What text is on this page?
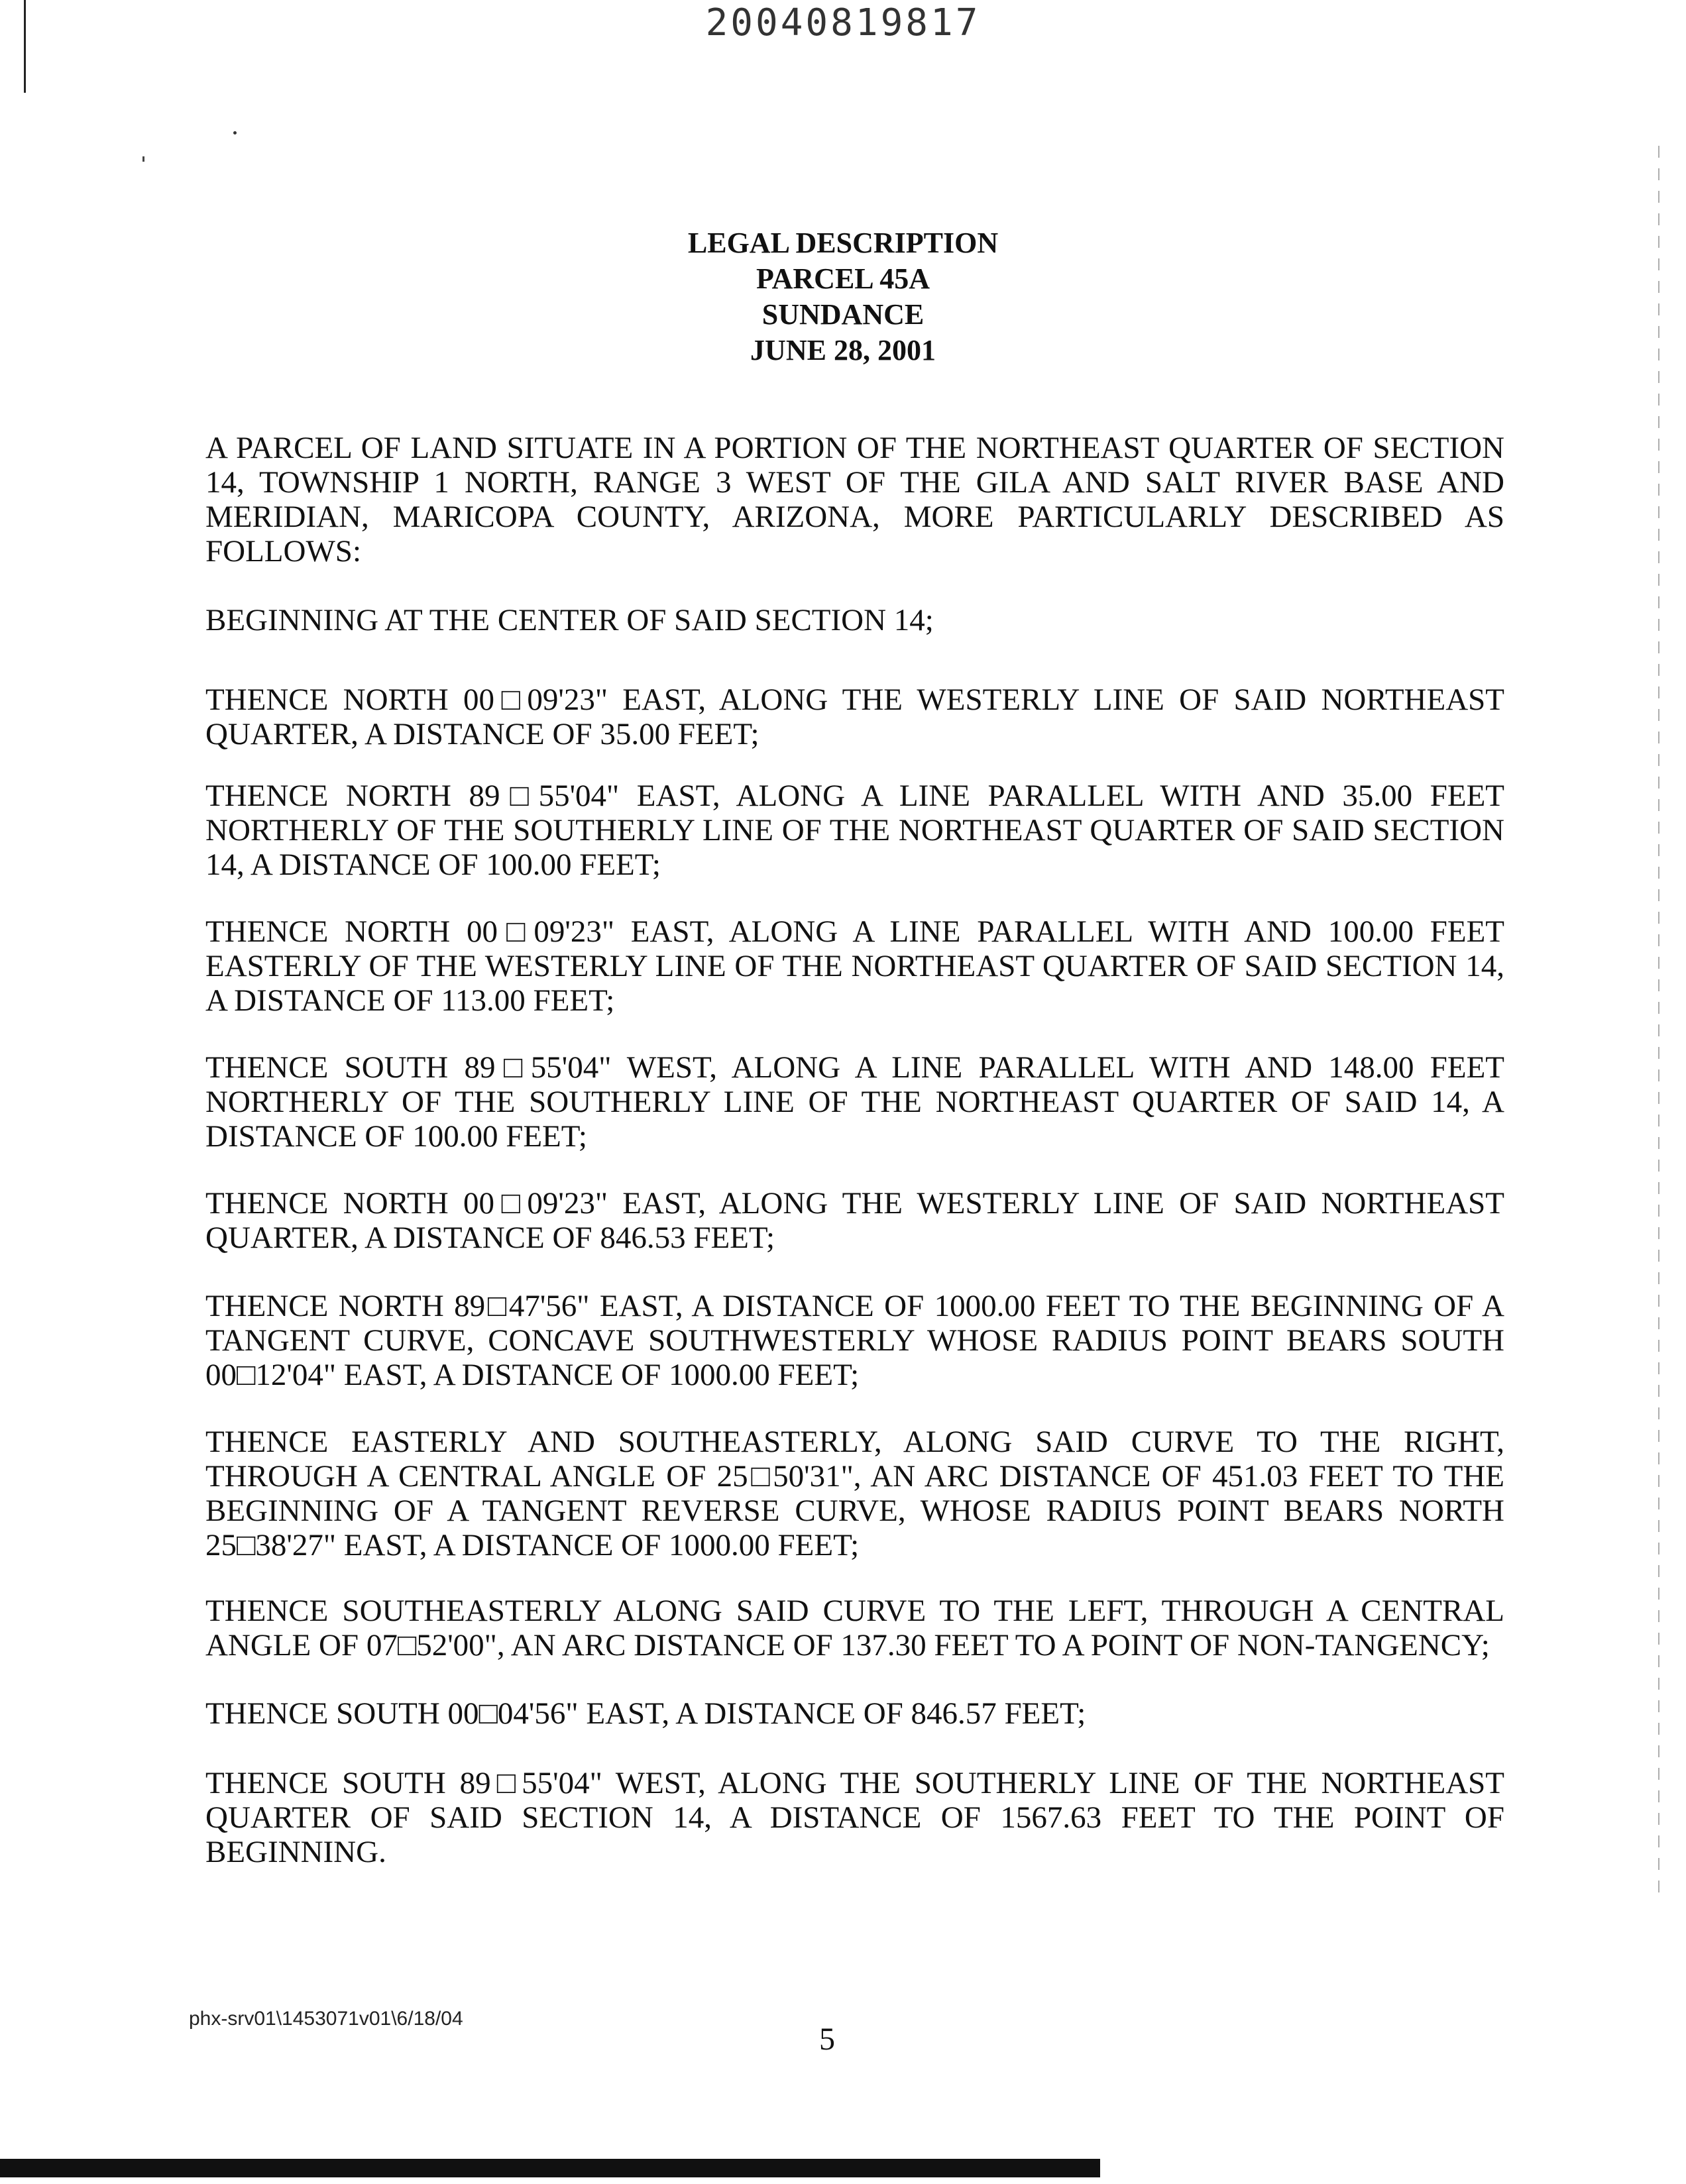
20040819817
LEGAL DESCRIPTION
PARCEL 45A
SUNDANCE
JUNE 28, 2001
A PARCEL OF LAND SITUATE IN A PORTION OF THE NORTHEAST QUARTER OF SECTION 14, TOWNSHIP 1 NORTH, RANGE 3 WEST OF THE GILA AND SALT RIVER BASE AND MERIDIAN, MARICOPA COUNTY, ARIZONA, MORE PARTICULARLY DESCRIBED AS FOLLOWS:
BEGINNING AT THE CENTER OF SAID SECTION 14;
THENCE NORTH 00□09'23" EAST, ALONG THE WESTERLY LINE OF SAID NORTHEAST QUARTER, A DISTANCE OF 35.00 FEET;
THENCE NORTH 89□55'04" EAST, ALONG A LINE PARALLEL WITH AND 35.00 FEET NORTHERLY OF THE SOUTHERLY LINE OF THE NORTHEAST QUARTER OF SAID SECTION 14, A DISTANCE OF 100.00 FEET;
THENCE NORTH 00□09'23" EAST, ALONG A LINE PARALLEL WITH AND 100.00 FEET EASTERLY OF THE WESTERLY LINE OF THE NORTHEAST QUARTER OF SAID SECTION 14, A DISTANCE OF 113.00 FEET;
THENCE SOUTH 89□55'04" WEST, ALONG A LINE PARALLEL WITH AND 148.00 FEET NORTHERLY OF THE SOUTHERLY LINE OF THE NORTHEAST QUARTER OF SAID 14, A DISTANCE OF 100.00 FEET;
THENCE NORTH 00□09'23" EAST, ALONG THE WESTERLY LINE OF SAID NORTHEAST QUARTER, A DISTANCE OF 846.53 FEET;
THENCE NORTH 89□47'56" EAST, A DISTANCE OF 1000.00 FEET TO THE BEGINNING OF A TANGENT CURVE, CONCAVE SOUTHWESTERLY WHOSE RADIUS POINT BEARS SOUTH 00□12'04" EAST, A DISTANCE OF 1000.00 FEET;
THENCE EASTERLY AND SOUTHEASTERLY, ALONG SAID CURVE TO THE RIGHT, THROUGH A CENTRAL ANGLE OF 25□50'31", AN ARC DISTANCE OF 451.03 FEET TO THE BEGINNING OF A TANGENT REVERSE CURVE, WHOSE RADIUS POINT BEARS NORTH 25□38'27" EAST, A DISTANCE OF 1000.00 FEET;
THENCE SOUTHEASTERLY ALONG SAID CURVE TO THE LEFT, THROUGH A CENTRAL ANGLE OF 07□52'00", AN ARC DISTANCE OF 137.30 FEET TO A POINT OF NON-TANGENCY;
THENCE SOUTH 00□04'56" EAST, A DISTANCE OF 846.57 FEET;
THENCE SOUTH 89□55'04" WEST, ALONG THE SOUTHERLY LINE OF THE NORTHEAST QUARTER OF SAID SECTION 14, A DISTANCE OF 1567.63 FEET TO THE POINT OF BEGINNING.
phx-srv01\1453071v01\6/18/04
5
